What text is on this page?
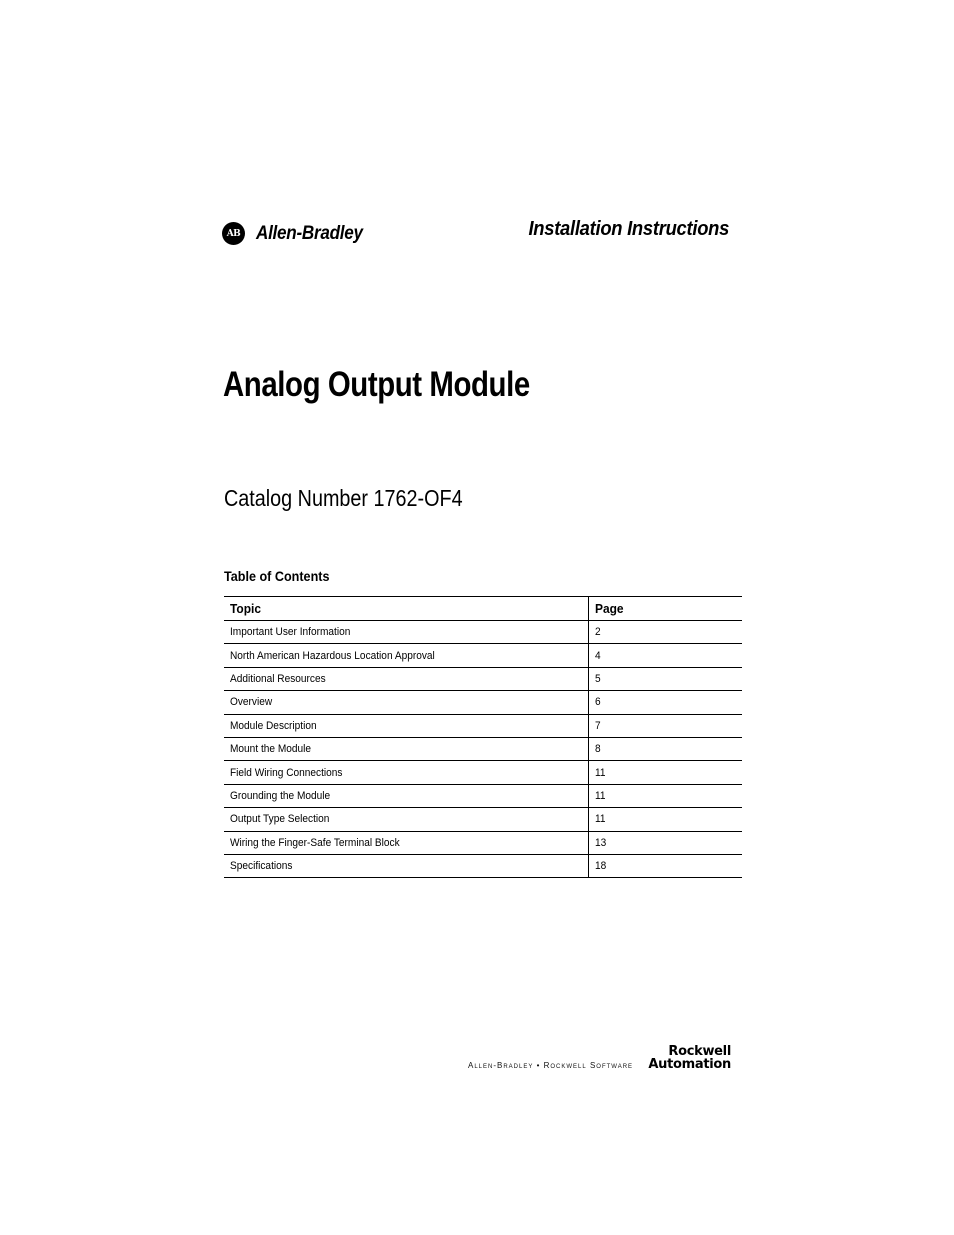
AB Allen-Bradley	Installation Instructions
Analog Output Module
Catalog Number 1762-OF4
Table of Contents
Topic	Page
Important User Information	2
North American Hazardous Location Approval	4
Additional Resources	5
Overview	6
Module Description	7
Mount the Module	8
Field Wiring Connections	11
Grounding the Module	11
Output Type Selection	11
Wiring the Finger-Safe Terminal Block	13
Specifications	18
Allen-Bradley • Rockwell Software
Rockwell
Automation
